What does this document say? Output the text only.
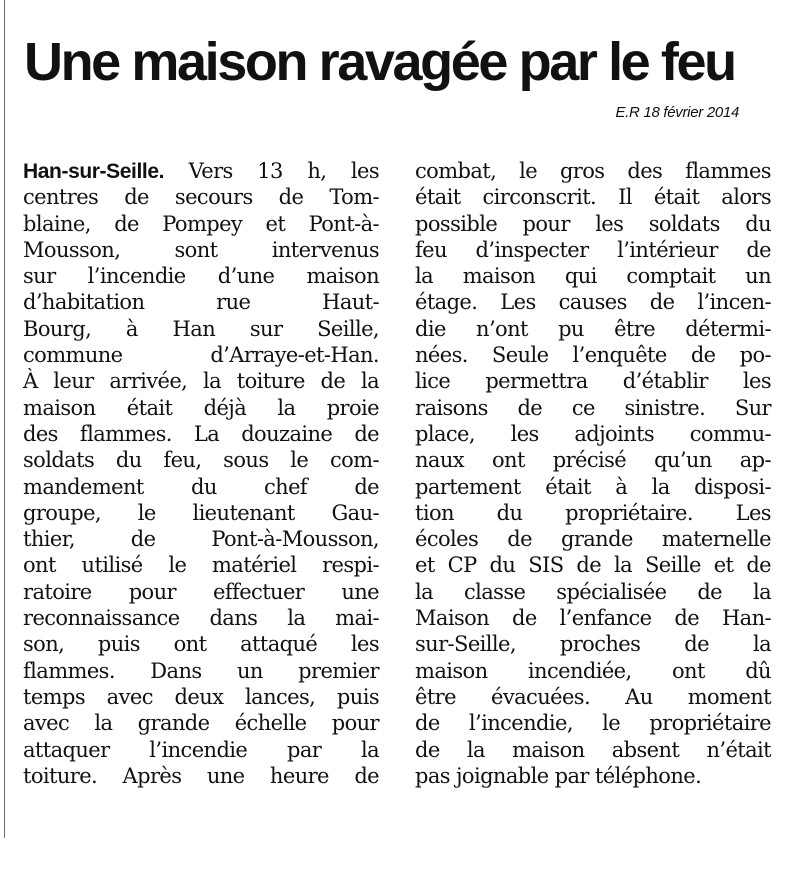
Une maison ravagée par le feu
E.R 18 février 2014
Han-sur-Seille. Vers 13 h, les
centres de secours de Tom-
blaine, de Pompey et Pont-à-
Mousson, sont intervenus
sur l’incendie d’une maison
d’habitation rue Haut-
Bourg, à Han sur Seille,
commune d’Arraye-et-Han.
À leur arrivée, la toiture de la
maison était déjà la proie
des flammes. La douzaine de
soldats du feu, sous le com-
mandement du chef de
groupe, le lieutenant Gau-
thier, de Pont-à-Mousson,
ont utilisé le matériel respi-
ratoire pour effectuer une
reconnaissance dans la mai-
son, puis ont attaqué les
flammes. Dans un premier
temps avec deux lances, puis
avec la grande échelle pour
attaquer l’incendie par la
toiture. Après une heure de
combat, le gros des flammes
était circonscrit. Il était alors
possible pour les soldats du
feu d’inspecter l’intérieur de
la maison qui comptait un
étage. Les causes de l’incen-
die n’ont pu être détermi-
nées. Seule l’enquête de po-
lice permettra d’établir les
raisons de ce sinistre. Sur
place, les adjoints commu-
naux ont précisé qu’un ap-
partement était à la disposi-
tion du propriétaire. Les
écoles de grande maternelle
et CP du SIS de la Seille et de
la classe spécialisée de la
Maison de l’enfance de Han-
sur-Seille, proches de la
maison incendiée, ont dû
être évacuées. Au moment
de l’incendie, le propriétaire
de la maison absent n’était
pas joignable par téléphone.
